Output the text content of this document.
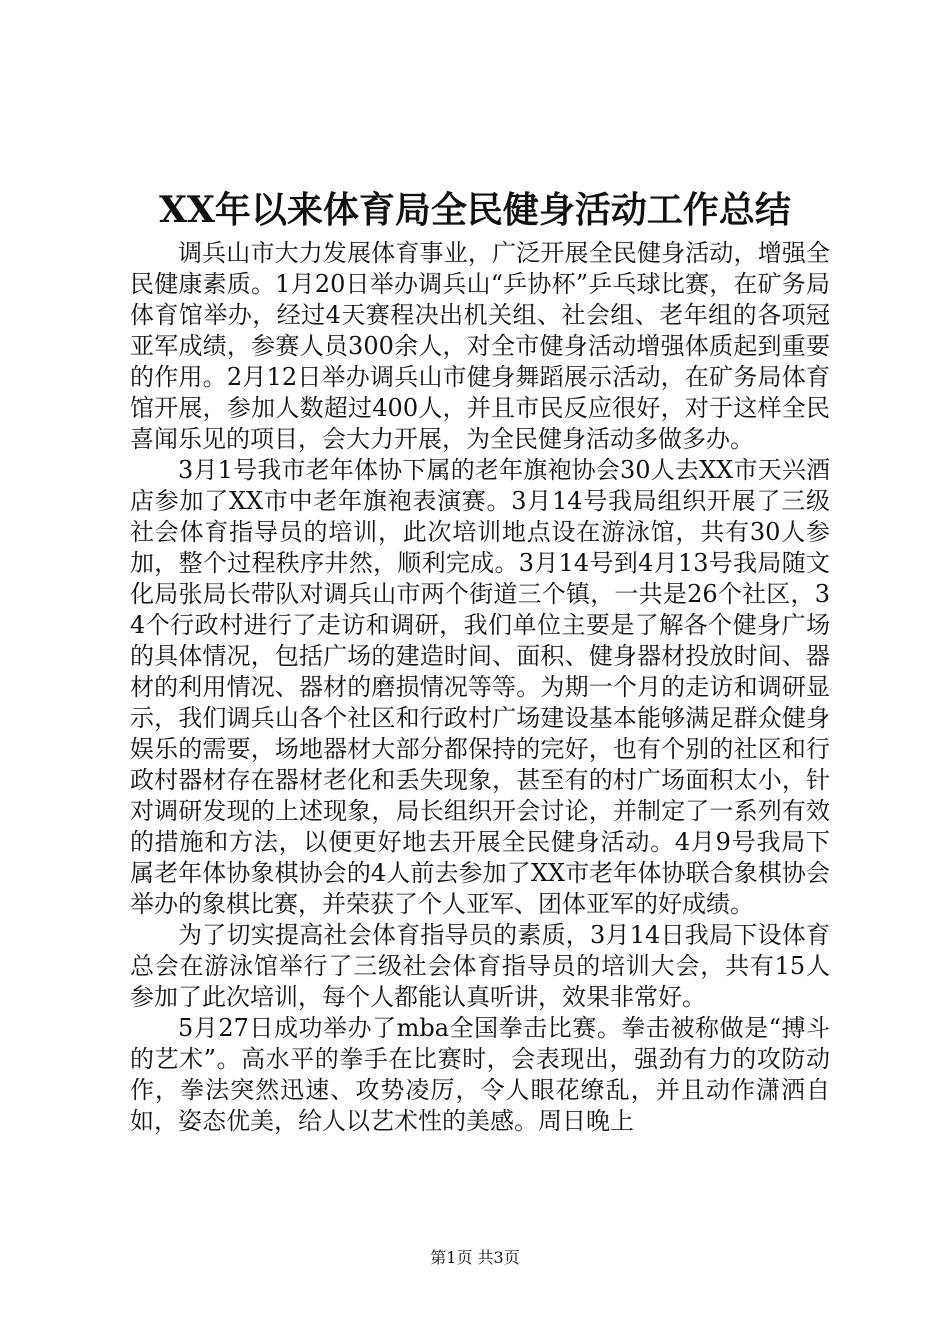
XX年以来体育局全民健身活动工作总结

调兵山市大力发展体育事业，广泛开展全民健身活动，增强全民健康素质。1月20日举办调兵山“乒协杯”乒乓球比赛，在矿务局体育馆举办，经过4天赛程决出机关组、社会组、老年组的各项冠亚军成绩，参赛人员300余人，对全市健身活动增强体质起到重要的作用。2月12日举办调兵山市健身舞蹈展示活动，在矿务局体育馆开展，参加人数超过400人，并且市民反应很好，对于这样全民喜闻乐见的项目，会大力开展，为全民健身活动多做多办。

3月1号我市老年体协下属的老年旗袍协会30人去XX市天兴酒店参加了XX市中老年旗袍表演赛。3月14号我局组织开展了三级社会体育指导员的培训，此次培训地点设在游泳馆，共有30人参加，整个过程秩序井然，顺利完成。3月14号到4月13号我局随文化局张局长带队对调兵山市两个街道三个镇，一共是26个社区，34个行政村进行了走访和调研，我们单位主要是了解各个健身广场的具体情况，包括广场的建造时间、面积、健身器材投放时间、器材的利用情况、器材的磨损情况等等。为期一个月的走访和调研显示，我们调兵山各个社区和行政村广场建设基本能够满足群众健身娱乐的需要，场地器材大部分都保持的完好，也有个别的社区和行政村器材存在器材老化和丢失现象，甚至有的村广场面积太小，针对调研发现的上述现象，局长组织开会讨论，并制定了一系列有效的措施和方法，以便更好地去开展全民健身活动。4月9号我局下属老年体协象棋协会的4人前去参加了XX市老年体协联合象棋协会举办的象棋比赛，并荣获了个人亚军、团体亚军的好成绩。

为了切实提高社会体育指导员的素质，3月14日我局下设体育总会在游泳馆举行了三级社会体育指导员的培训大会，共有15人参加了此次培训，每个人都能认真听讲，效果非常好。

5月27日成功举办了mba全国拳击比赛。拳击被称做是“搏斗的艺术”。高水平的拳手在比赛时，会表现出，强劲有力的攻防动作，拳法突然迅速、攻势凌厉，令人眼花缭乱，并且动作潇洒自如，姿态优美，给人以艺术性的美感。周日晚上

第1页 共3页
